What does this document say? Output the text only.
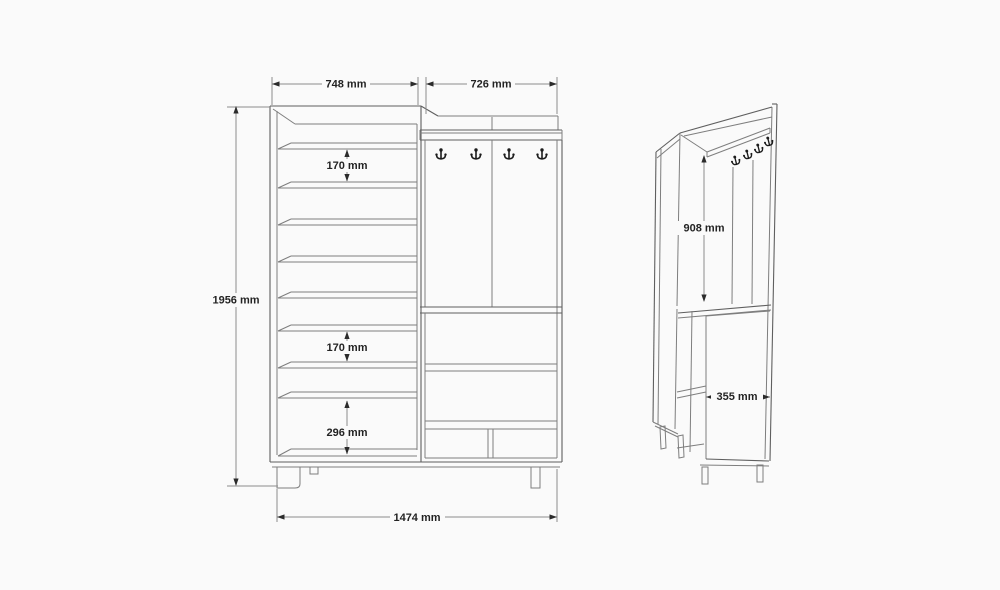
748 mm	726 mm
1956 mm
170 mm
170 mm
296 mm
1474 mm
908 mm
355 mm
